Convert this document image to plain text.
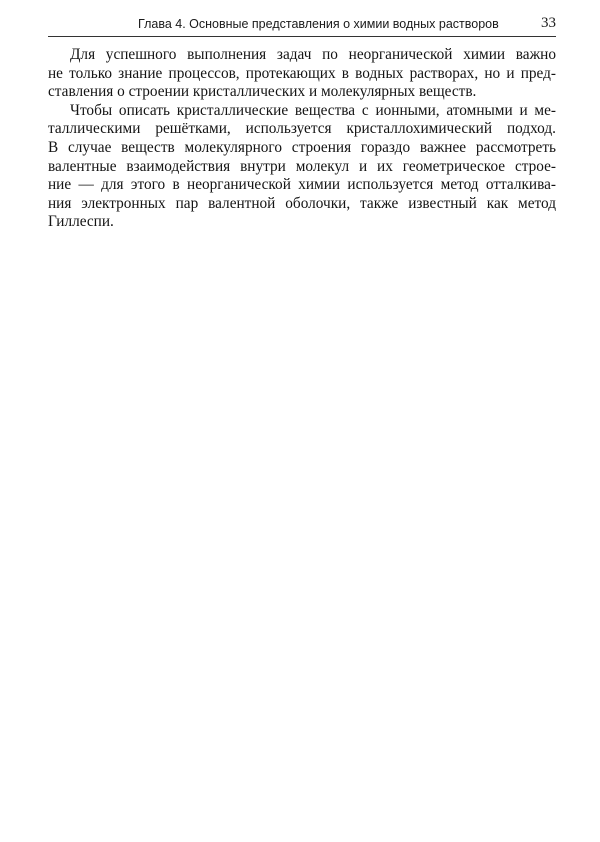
Глава 4. Основные представления о химии водных растворов	33

Для успешного выполнения задач по неорганической химии важно
не только знание процессов, протекающих в водных растворах, но и пред-
ставления о строении кристаллических и молекулярных веществ.

Чтобы описать кристаллические вещества с ионными, атомными и ме-
таллическими решётками, используется кристаллохимический подход.
В случае веществ молекулярного строения гораздо важнее рассмотреть
валентные взаимодействия внутри молекул и их геометрическое строе-
ние — для этого в неорганической химии используется метод отталкива-
ния электронных пар валентной оболочки, также известный как метод
Гиллеспи.
